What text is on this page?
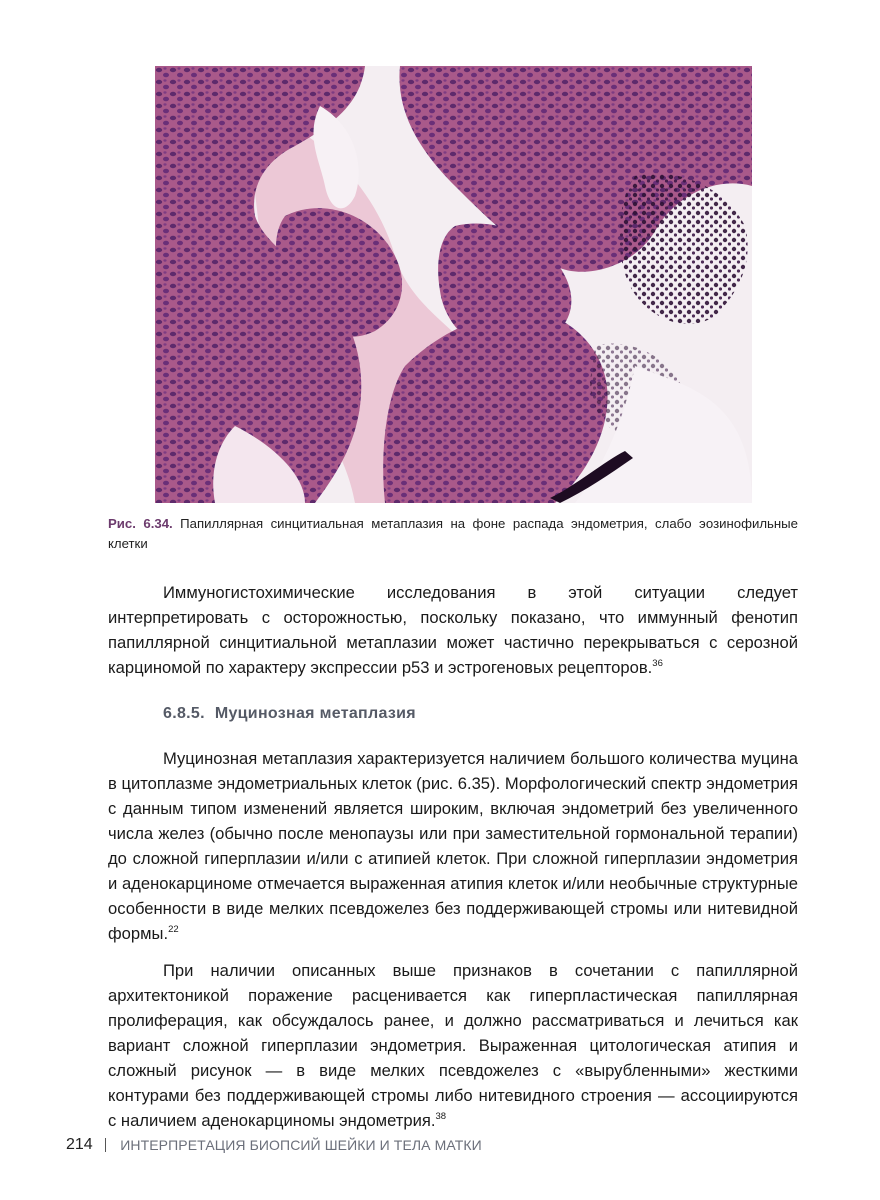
Рис. 6.34. Папиллярная синцитиальная метаплазия на фоне распада эндометрия, слабо эозинофильные клетки

Иммуногистохимические исследования в этой ситуации следует интерпретировать с осторожностью, поскольку показано, что иммунный фенотип папиллярной синцитиальной метаплазии может частично перекрываться с серозной карциномой по характеру экспрессии p53 и эстрогеновых рецепторов.$^{36}$

6.8.5. Муцинозная метаплазия

Муцинозная метаплазия характеризуется наличием большого количества муцина в цитоплазме эндометриальных клеток (рис. 6.35). Морфологический спектр эндометрия с данным типом изменений является широким, включая эндометрий без увеличенного числа желез (обычно после менопаузы или при заместительной гормональной терапии) до сложной гиперплазии и/или с атипией клеток. При сложной гиперплазии эндометрия и аденокарциноме отмечается выраженная атипия клеток и/или необычные структурные особенности в виде мелких псевдожелез без поддерживающей стромы или нитевидной формы.$^{22}$

При наличии описанных выше признаков в сочетании с папиллярной архитектоникой поражение расценивается как гиперпластическая папиллярная пролиферация, как обсуждалось ранее, и должно рассматриваться и лечиться как вариант сложной гиперплазии эндометрия. Выраженная цитологическая атипия и сложный рисунок — в виде мелких псевдожелез с «вырубленными» жесткими контурами без поддерживающей стромы либо нитевидного строения — ассоциируются с наличием аденокарциномы эндометрия.$^{38}$

214 ИНТЕРПРЕТАЦИЯ БИОПСИЙ ШЕЙКИ И ТЕЛА МАТКИ
